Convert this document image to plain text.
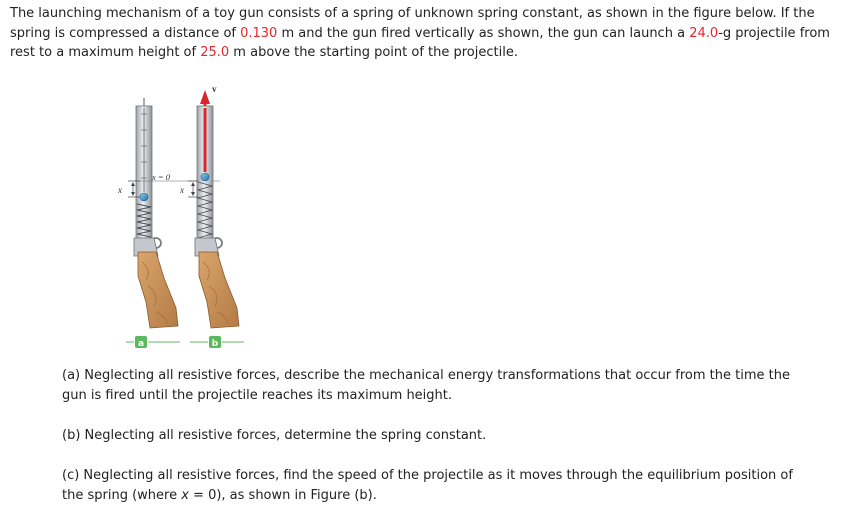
The launching mechanism of a toy gun consists of a spring of unknown spring constant, as shown in the figure below. If the spring is compressed a distance of 0.130 m and the gun fired vertically as shown, the gun can launch a 24.0-g projectile from rest to a maximum height of 25.0 m above the starting point of the projectile.

x
x = 0
a
v⃗
x
b

(a) Neglecting all resistive forces, describe the mechanical energy transformations that occur from the time the gun is fired until the projectile reaches its maximum height.

(b) Neglecting all resistive forces, determine the spring constant.

(c) Neglecting all resistive forces, find the speed of the projectile as it moves through the equilibrium position of the spring (where x = 0), as shown in Figure (b).
